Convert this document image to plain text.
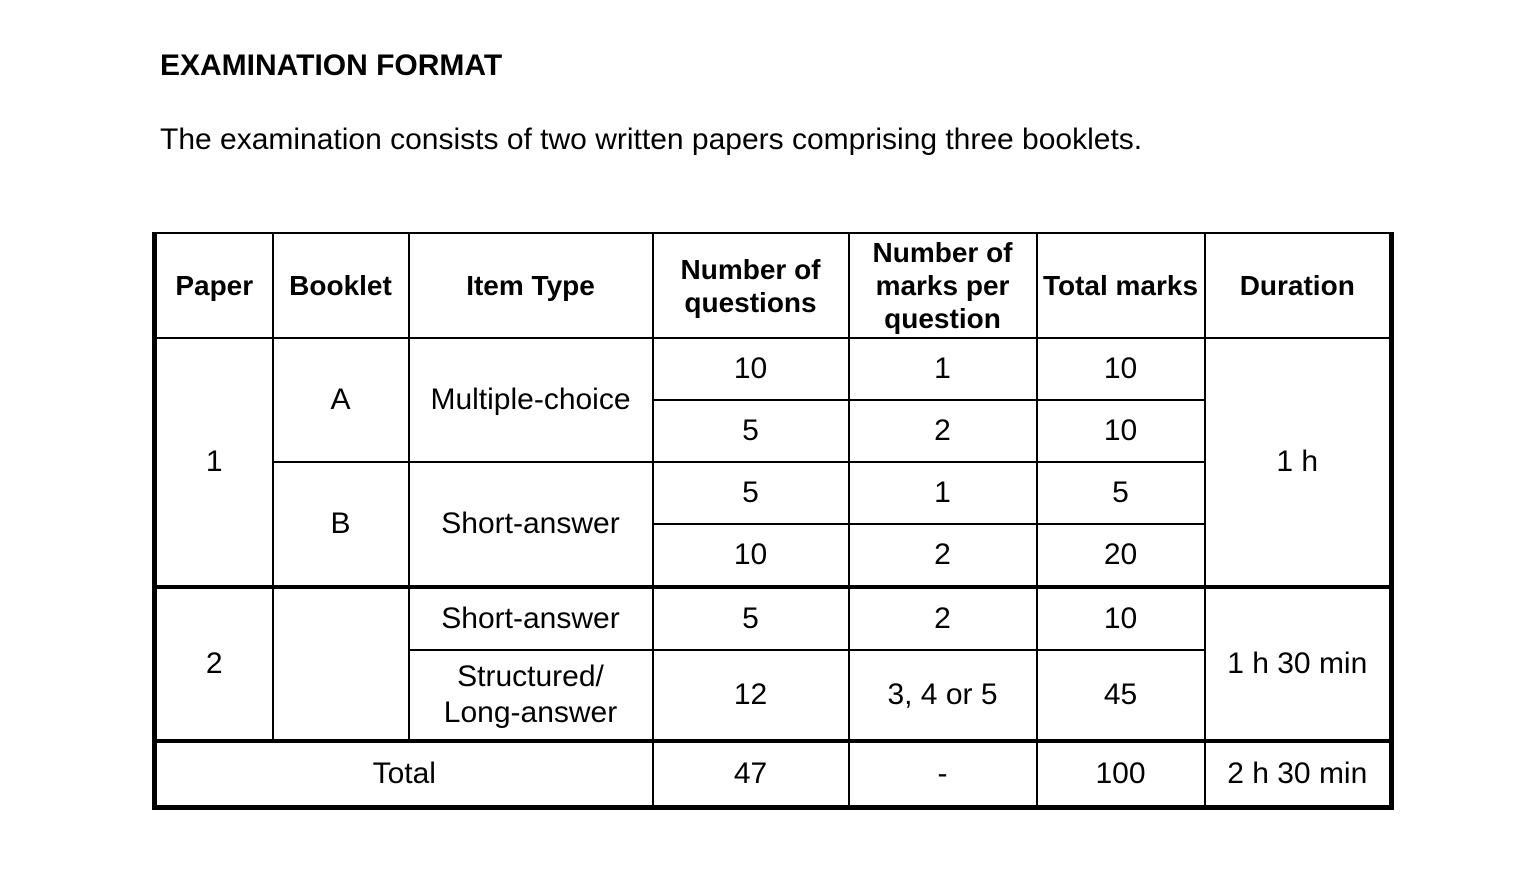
EXAMINATION FORMAT

The examination consists of two written papers comprising three booklets.

Paper	Booklet	Item Type	Number of questions	Number of marks per question	Total marks	Duration
1	A	Multiple-choice	10	1	10	1 h
			5	2	10	
	B	Short-answer	5	1	5	
			10	2	20	
2		Short-answer	5	2	10	1 h 30 min
		Structured/ Long-answer	12	3, 4 or 5	45	
Total			47	-	100	2 h 30 min
